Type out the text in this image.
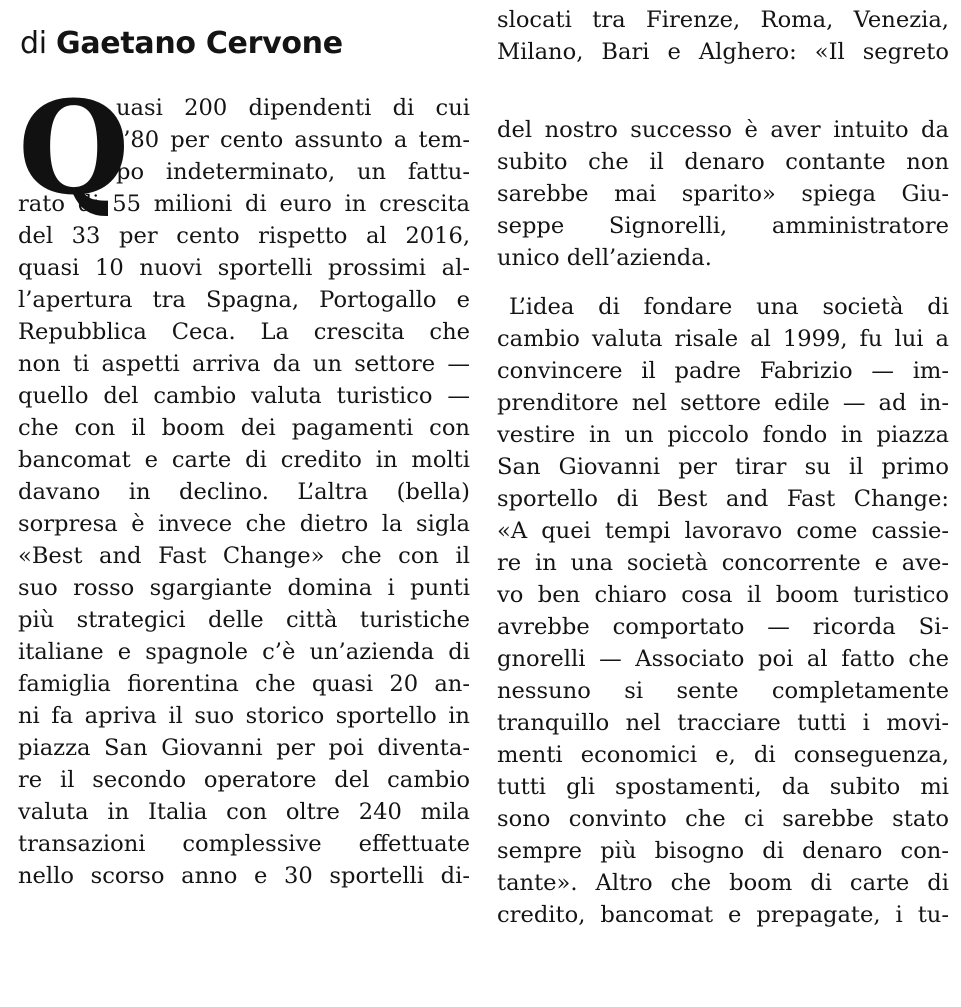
di Gaetano Cervone
Q
uasi 200 dipendenti di cui
l’80 per cento assunto a tem-
po indeterminato, un fattu-
rato di 55 milioni di euro in crescita
del 33 per cento rispetto al 2016,
quasi 10 nuovi sportelli prossimi al-
l’apertura tra Spagna, Portogallo e
Repubblica Ceca. La crescita che
non ti aspetti arriva da un settore —
quello del cambio valuta turistico —
che con il boom dei pagamenti con
bancomat e carte di credito in molti
davano in declino. L’altra (bella)
sorpresa è invece che dietro la sigla
«Best and Fast Change» che con il
suo rosso sgargiante domina i punti
più strategici delle città turistiche
italiane e spagnole c’è un’azienda di
famiglia fiorentina che quasi 20 an-
ni fa apriva il suo storico sportello in
piazza San Giovanni per poi diventa-
re il secondo operatore del cambio
valuta in Italia con oltre 240 mila
transazioni complessive effettuate
nello scorso anno e 30 sportelli di-
slocati tra Firenze, Roma, Venezia,
Milano, Bari e Alghero: «Il segreto
del nostro successo è aver intuito da
subito che il denaro contante non
sarebbe mai sparito» spiega Giu-
seppe Signorelli, amministratore
unico dell’azienda.
L’idea di fondare una società di
cambio valuta risale al 1999, fu lui a
convincere il padre Fabrizio — im-
prenditore nel settore edile — ad in-
vestire in un piccolo fondo in piazza
San Giovanni per tirar su il primo
sportello di Best and Fast Change:
«A quei tempi lavoravo come cassie-
re in una società concorrente e ave-
vo ben chiaro cosa il boom turistico
avrebbe comportato — ricorda Si-
gnorelli — Associato poi al fatto che
nessuno si sente completamente
tranquillo nel tracciare tutti i movi-
menti economici e, di conseguenza,
tutti gli spostamenti, da subito mi
sono convinto che ci sarebbe stato
sempre più bisogno di denaro con-
tante». Altro che boom di carte di
credito, bancomat e prepagate, i tu-
